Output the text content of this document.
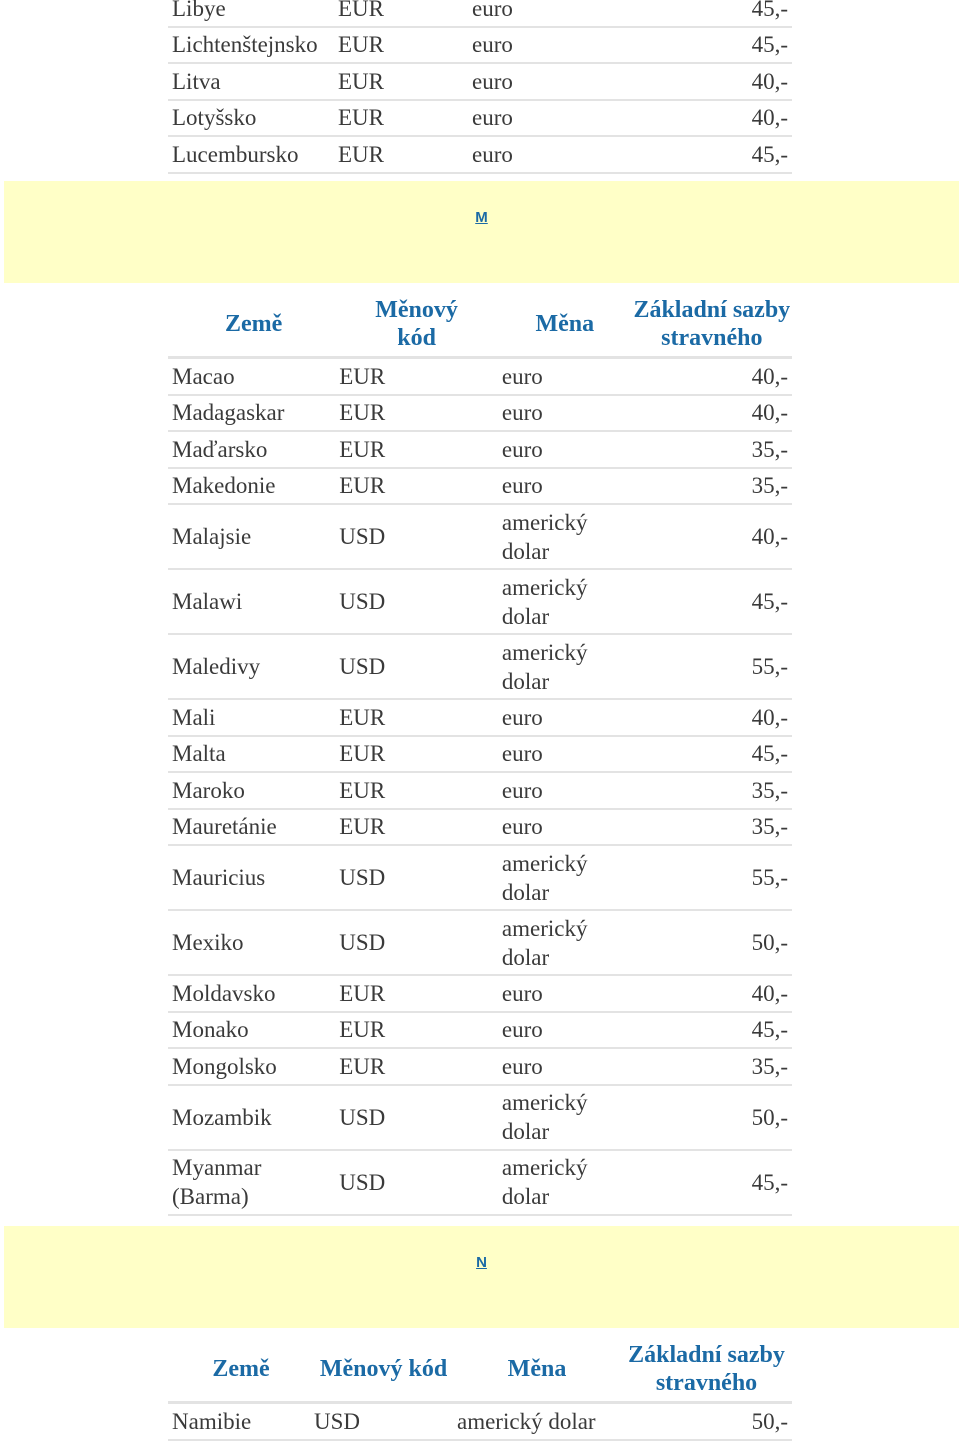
Libye	EUR	euro	45,-
Lichtenštejnsko	EUR	euro	45,-
Litva	EUR	euro	40,-
Lotyšsko	EUR	euro	40,-
Lucembursko	EUR	euro	45,-
M
Země	Měnový kód	Měna	Základní sazby stravného
Macao	EUR	euro	40,-
Madagaskar	EUR	euro	40,-
Maďarsko	EUR	euro	35,-
Makedonie	EUR	euro	35,-
Malajsie	USD	americký dolar	40,-
Malawi	USD	americký dolar	45,-
Maledivy	USD	americký dolar	55,-
Mali	EUR	euro	40,-
Malta	EUR	euro	45,-
Maroko	EUR	euro	35,-
Mauretánie	EUR	euro	35,-
Mauricius	USD	americký dolar	55,-
Mexiko	USD	americký dolar	50,-
Moldavsko	EUR	euro	40,-
Monako	EUR	euro	45,-
Mongolsko	EUR	euro	35,-
Mozambik	USD	americký dolar	50,-
Myanmar (Barma)	USD	americký dolar	45,-
N
Země	Měnový kód	Měna	Základní sazby stravného
Namibie	USD	americký dolar	50,-
